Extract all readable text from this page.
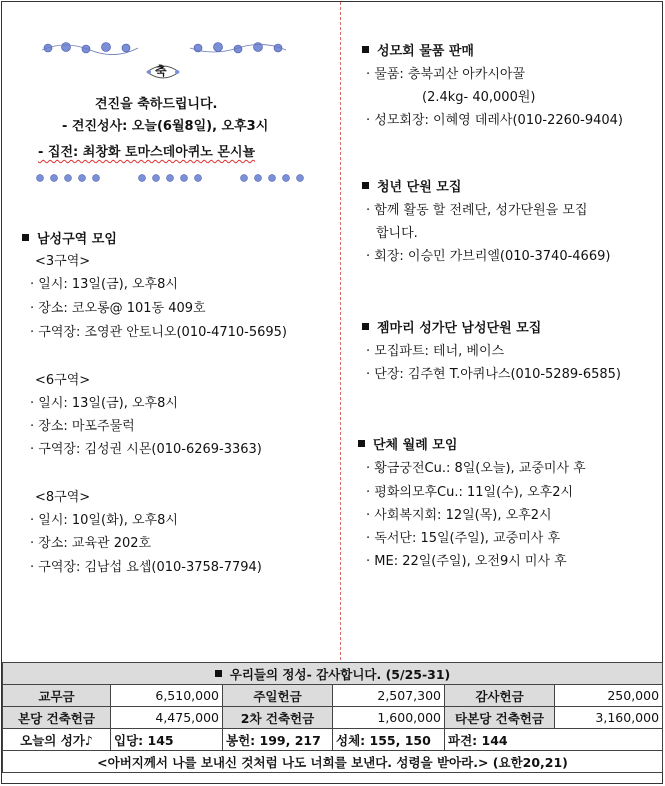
축
견진을 축하드립니다.
- 견진성사: 오늘(6월8일), 오후3시
- 집전: 최창화 토마스데아퀴노 몬시뇰
남성구역 모임
<3구역>
· 일시: 13일(금), 오후8시
· 장소: 코오롱@ 101동 409호
· 구역장: 조영관 안토니오(010-4710-5695)
<6구역>
· 일시: 13일(금), 오후8시
· 장소: 마포주물럭
· 구역장: 김성권 시몬(010-6269-3363)
<8구역>
· 일시: 10일(화), 오후8시
· 장소: 교육관 202호
· 구역장: 김남섭 요셉(010-3758-7794)
성모회 물품 판매
· 물품: 충북괴산 아카시아꿀
(2.4kg- 40,000원)
· 성모회장: 이혜영 데레사(010-2260-9404)
청년 단원 모집
· 함께 활동 할 전례단, 성가단원을 모집
합니다.
· 회장: 이승민 가브리엘(010-3740-4669)
젬마리 성가단 남성단원 모집
· 모집파트: 테너, 베이스
· 단장: 김주현 T.아퀴나스(010-5289-6585)
단체 월례 모임
· 황금궁전Cu.: 8일(오늘), 교중미사 후
· 평화의모후Cu.: 11일(수), 오후2시
· 사회복지회: 12일(목), 오후2시
· 독서단: 15일(주일), 교중미사 후
· ME: 22일(주일), 오전9시 미사 후
우리들의 정성- 감사합니다. (5/25-31)					
교무금	6,510,000	주일헌금	2,507,300	감사헌금	250,000
본당 건축헌금	4,475,000	2차 건축헌금	1,600,000	타본당 건축헌금	3,160,000
오늘의 성가♪	입당: 145	봉헌: 199, 217	성체: 155, 150	파견: 144	
<아버지께서 나를 보내신 것처럼 나도 너희를 보낸다. 성령을 받아라.> (요한20,21)					
